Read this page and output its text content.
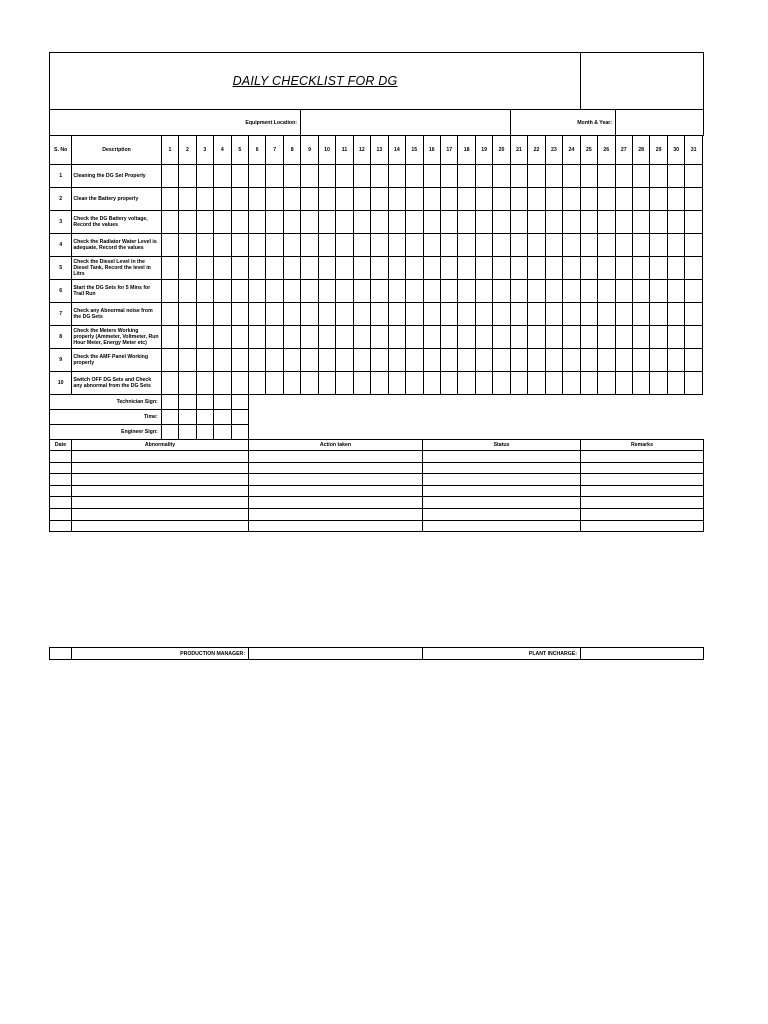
DAILY CHECKLIST FOR DG	
Equipment Location:		Month & Year:	
S. No	Description	1	2	3	4	5	6	7	8	9	10	11	12	13	14	15	16	17	18	19	20	21	22	23	24	25	26	27	28	29	30	31
1	Cleaning the DG Set Properly																															
2	Clean the Battery properly																															
3	Check the DG Battery voltage, Record the values																															
4	Check the Radiator Water Level is adequate, Record the values																															
5	Check the Diesel Level in the Diesel Tank, Record the level in Litrs																															
6	Start the DG Sets for 5 Mins for Trail Run																															
7	Check any Abnormal noise from the DG Sets																															
8	Check the Meters Working properly (Ammeter, Voltmeter, Run Hour Meter, Energy Meter etc)																															
9	Check the AMF Panel Working properly																															
10	Switch OFF DG Sets and Check any abnormal from the DG Sets																															
Technician Sign:																																
Time:																																
Engineer Sign:																																
Date	Abnormality	Action taken	Status	Remarks

	PRODUCTION MANAGER:		PLANT INCHARGE:	
